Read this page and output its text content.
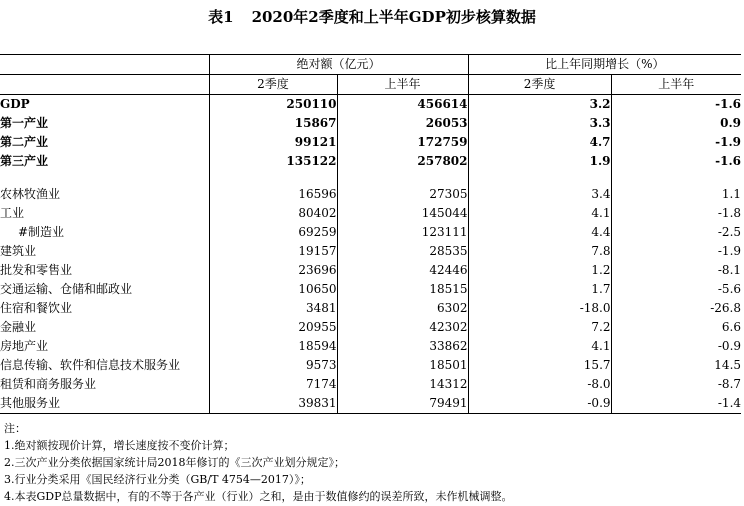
表1 2020年2季度和上半年GDP初步核算数据
	绝对额（亿元）		比上年同期增长（%）	
	2季度	上半年	2季度	上半年
GDP	250110	456614	3.2	-1.6
第一产业	15867	26053	3.3	0.9
第二产业	99121	172759	4.7	-1.9
第三产业	135122	257802	1.9	-1.6

农林牧渔业	16596	27305	3.4	1.1
工业	80402	145044	4.1	-1.8
#制造业	69259	123111	4.4	-2.5
建筑业	19157	28535	7.8	-1.9
批发和零售业	23696	42446	1.2	-8.1
交通运输、仓储和邮政业	10650	18515	1.7	-5.6
住宿和餐饮业	3481	6302	-18.0	-26.8
金融业	20955	42302	7.2	6.6
房地产业	18594	33862	4.1	-0.9
信息传输、软件和信息技术服务业	9573	18501	15.7	14.5
租赁和商务服务业	7174	14312	-8.0	-8.7
其他服务业	39831	79491	-0.9	-1.4
注：
1.绝对额按现价计算，增长速度按不变价计算；
2.三次产业分类依据国家统计局2018年修订的《三次产业划分规定》；
3.行业分类采用《国民经济行业分类（GB/T 4754—2017）》；
4.本表GDP总量数据中，有的不等于各产业（行业）之和，是由于数值修约的误差所致，未作机械调整。
